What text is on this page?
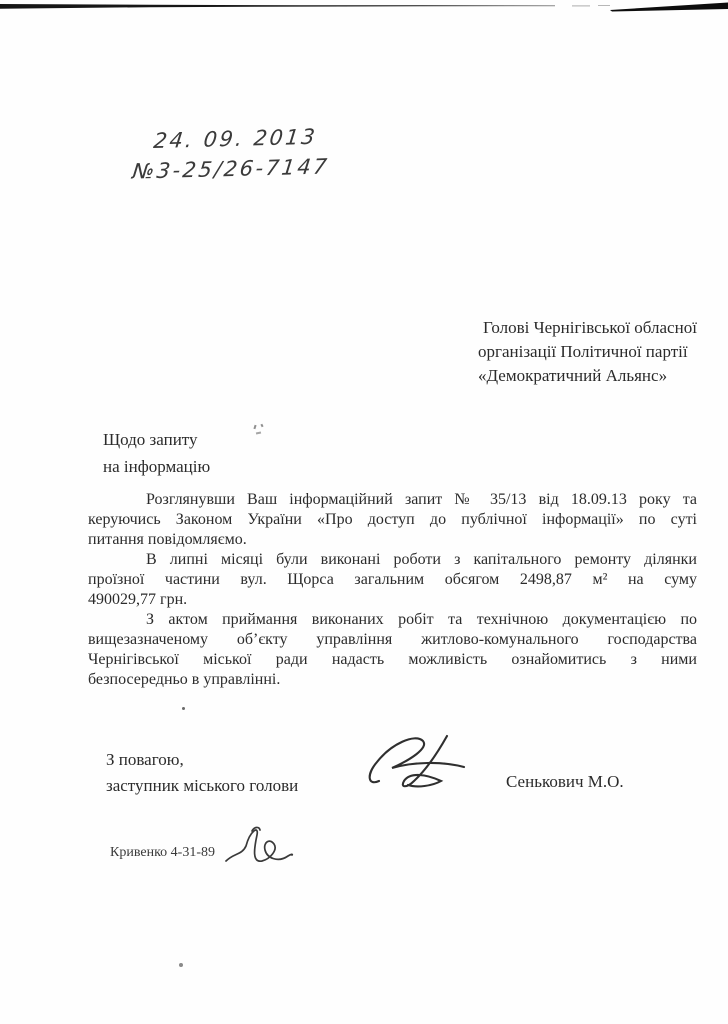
24. 09. 2013
№3-25/26-7147
Голові Чернігівської обласної
організації Політичної партії
«Демократичний Альянс»
Щодо запиту
на інформацію
Розглянувши Ваш інформаційний запит № 35/13 від 18.09.13 року та
керуючись Законом України «Про доступ до публічної інформації» по суті
питання повідомляємо.
В липні місяці були виконані роботи з капітального ремонту ділянки
проїзної частини вул. Щорса загальним обсягом 2498,87 м² на суму
490029,77 грн.
З актом приймання виконаних робіт та технічною документацією по
вищезазначеному об’єкту управління житлово-комунального господарства
Чернігівської міської ради надасть можливість ознайомитись з ними
безпосередньо в управлінні.
З повагою,
заступник міського голови	Сенькович М.О.
Кривенко 4-31-89
